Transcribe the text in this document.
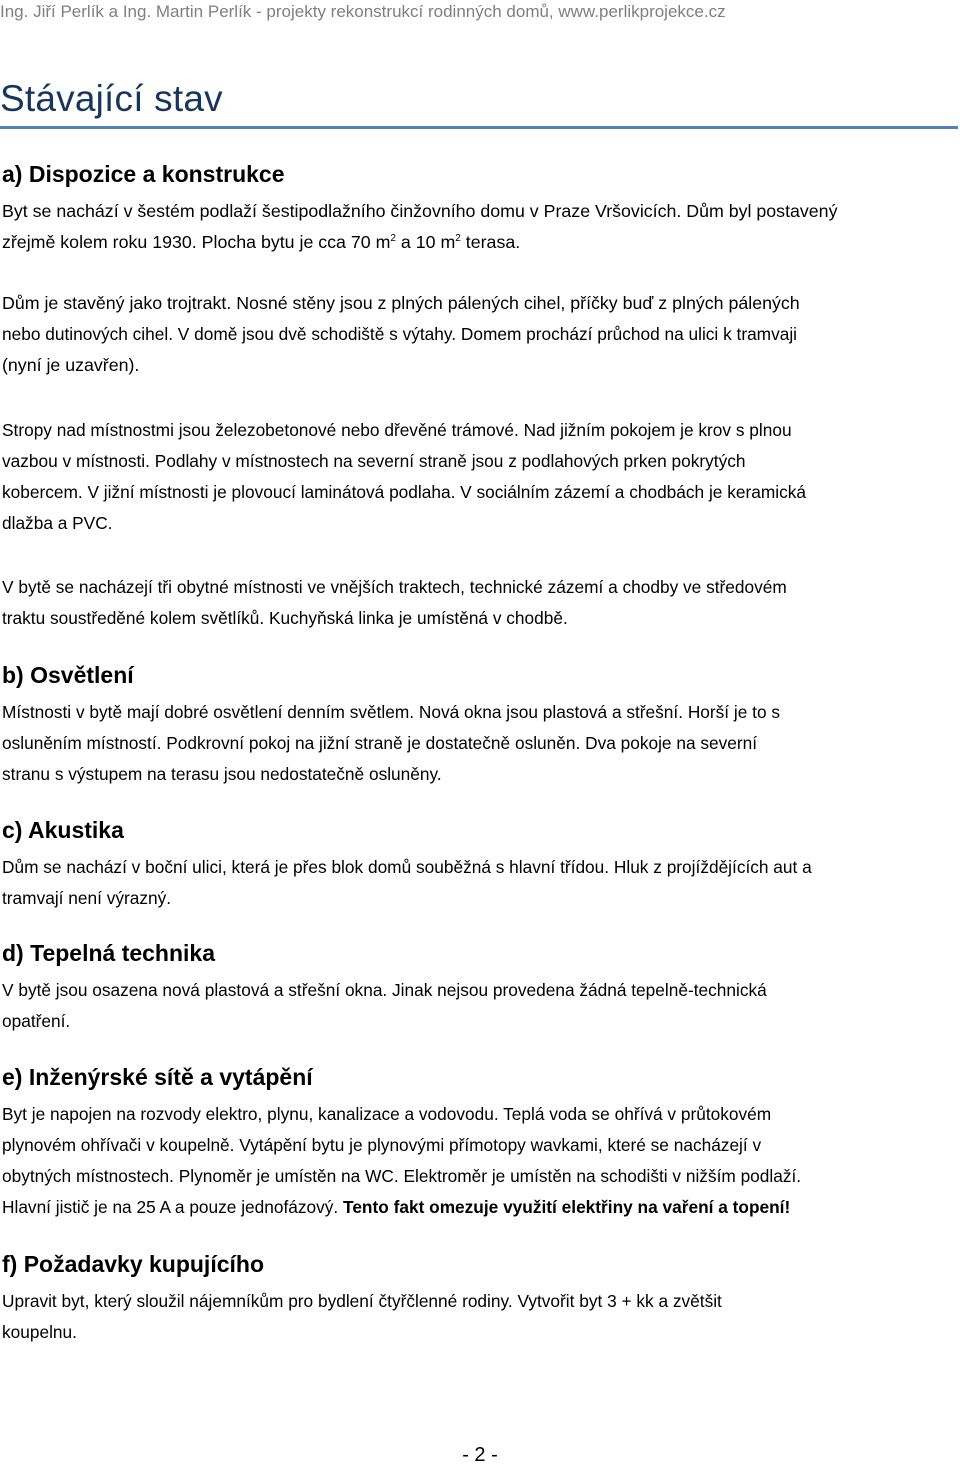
Ing. Jiří Perlík a Ing. Martin Perlík - projekty rekonstrukcí rodinných domů, www.perlikprojekce.cz
Stávající stav
a) Dispozice a konstrukce
Byt se nachází v šestém podlaží šestipodlažního činžovního domu v Praze Vršovicích. Dům byl postavený
zřejmě kolem roku 1930. Plocha bytu je cca 70 $m^2$ a 10 $m^2$ terasa.
Dům je stavěný jako trojtrakt. Nosné stěny jsou z plných pálených cihel, příčky buď z plných pálených
nebo dutinových cihel. V domě jsou dvě schodiště s výtahy. Domem prochází průchod na ulici k tramvaji
(nyní je uzavřen).
Stropy nad místnostmi jsou železobetonové nebo dřevěné trámové. Nad jižním pokojem je krov s plnou
vazbou v místnosti. Podlahy v místnostech na severní straně jsou z podlahových prken pokrytých
kobercem. V jižní místnosti je plovoucí laminátová podlaha. V sociálním zázemí a chodbách je keramická
dlažba a PVC.
V bytě se nacházejí tři obytné místnosti ve vnějších traktech, technické zázemí a chodby ve středovém
traktu soustředěné kolem světlíků. Kuchyňská linka je umístěná v chodbě.
b) Osvětlení
Místnosti v bytě mají dobré osvětlení denním světlem. Nová okna jsou plastová a střešní. Horší je to s
osluněním místností. Podkrovní pokoj na jižní straně je dostatečně osluněn. Dva pokoje na severní
stranu s výstupem na terasu jsou nedostatečně osluněny.
c) Akustika
Dům se nachází v boční ulici, která je přes blok domů souběžná s hlavní třídou. Hluk z projíždějících aut a
tramvají není výrazný.
d) Tepelná technika
V bytě jsou osazena nová plastová a střešní okna. Jinak nejsou provedena žádná tepelně-technická
opatření.
e) Inženýrské sítě a vytápění
Byt je napojen na rozvody elektro, plynu, kanalizace a vodovodu. Teplá voda se ohřívá v průtokovém
plynovém ohřívači v koupelně. Vytápění bytu je plynovými přímotopy wavkami, které se nacházejí v
obytných místnostech. Plynoměr je umístěn na WC. Elektroměr je umístěn na schodišti v nižším podlaží.
Hlavní jistič je na 25 A a pouze jednofázový. Tento fakt omezuje využití elektřiny na vaření a topení!
f) Požadavky kupujícího
Upravit byt, který sloužil nájemníkům pro bydlení čtyřčlenné rodiny. Vytvořit byt 3 + kk a zvětšit
koupelnu.
- 2 -
